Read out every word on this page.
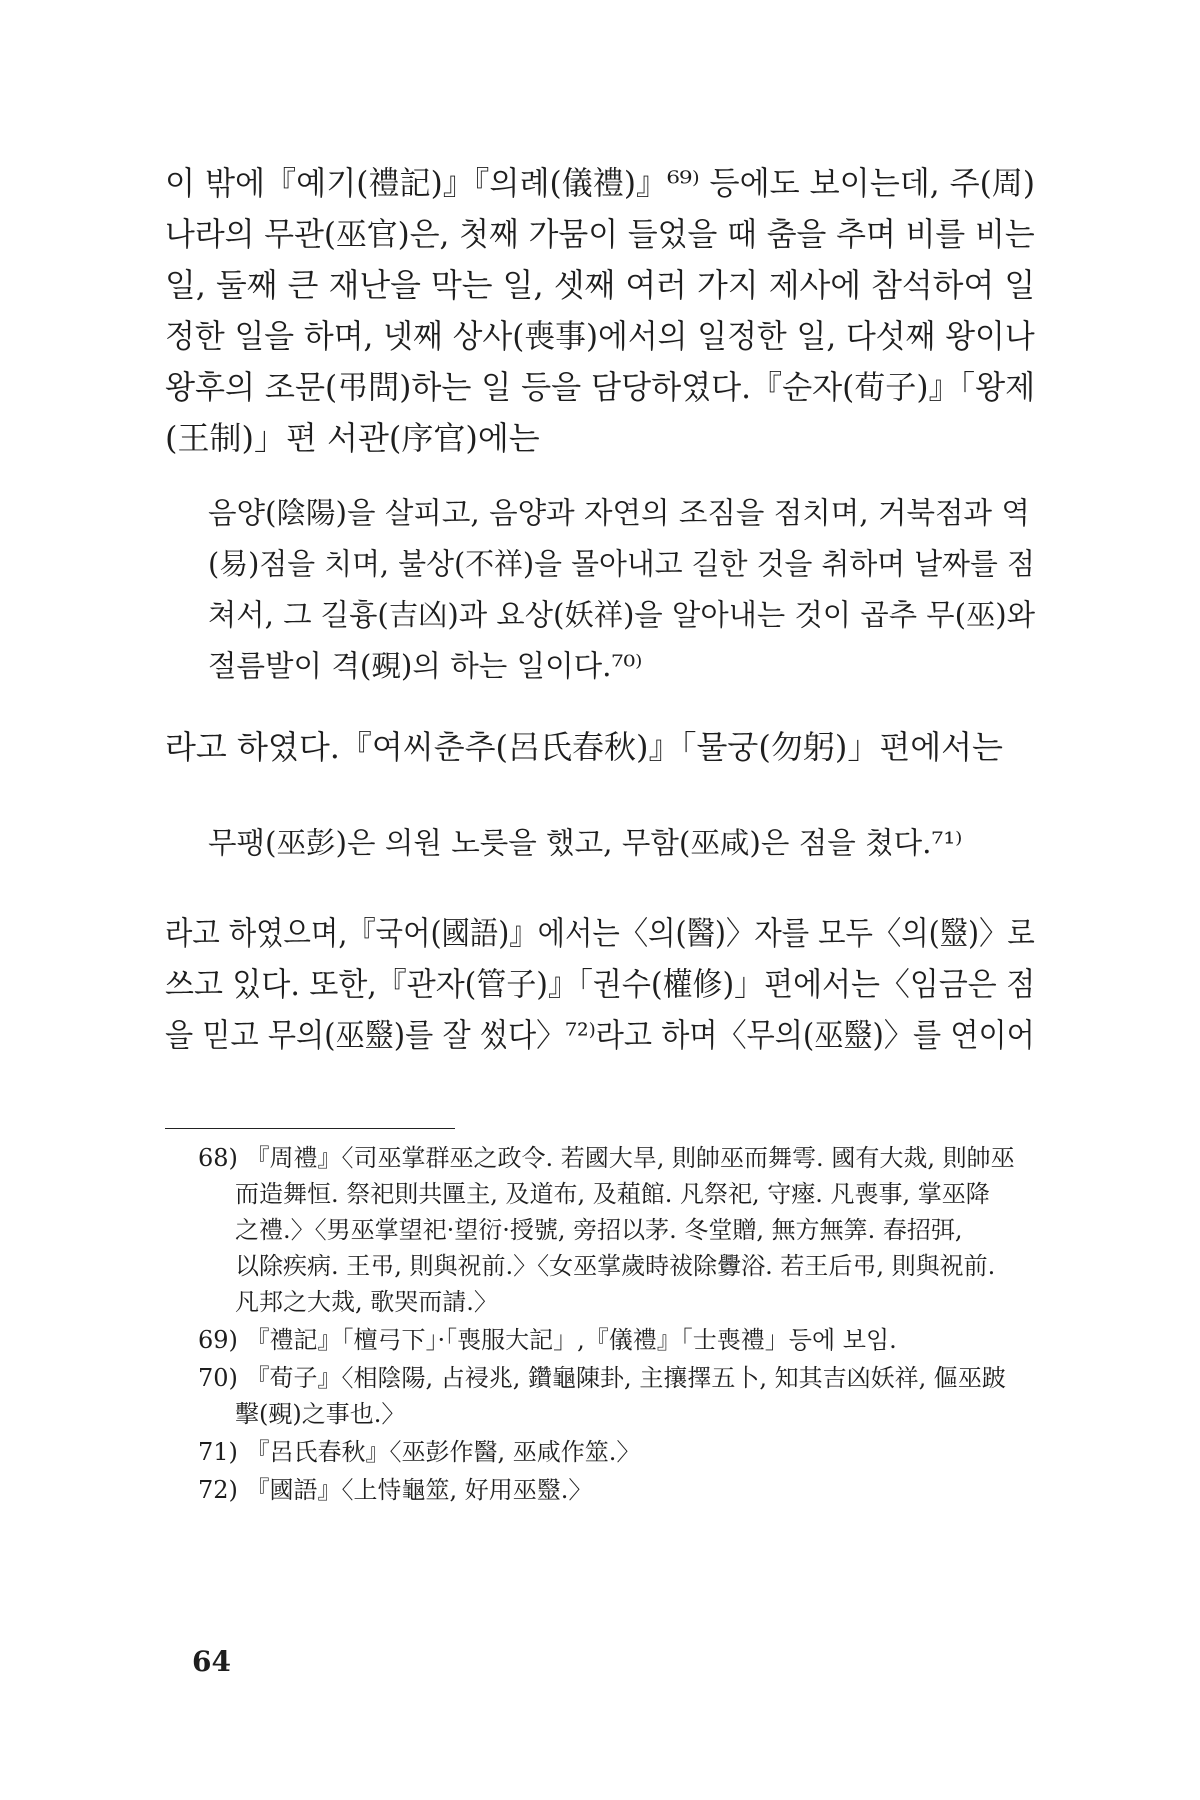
이 밖에『예기(禮記)』『의례(儀禮)』⁶⁹⁾ 등에도 보이는데, 주(周)
나라의 무관(巫官)은, 첫째 가뭄이 들었을 때 춤을 추며 비를 비는
일, 둘째 큰 재난을 막는 일, 셋째 여러 가지 제사에 참석하여 일
정한 일을 하며, 넷째 상사(喪事)에서의 일정한 일, 다섯째 왕이나
왕후의 조문(弔問)하는 일 등을 담당하였다.『순자(荀子)』「왕제
(王制)」편 서관(序官)에는
음양(陰陽)을 살피고, 음양과 자연의 조짐을 점치며, 거북점과 역
(易)점을 치며, 불상(不祥)을 몰아내고 길한 것을 취하며 날짜를 점
쳐서, 그 길흉(吉凶)과 요상(妖祥)을 알아내는 것이 곱추 무(巫)와
절름발이 격(覡)의 하는 일이다.⁷⁰⁾
라고 하였다.『여씨춘추(呂氏春秋)』「물궁(勿躬)」편에서는
무팽(巫彭)은 의원 노릇을 했고, 무함(巫咸)은 점을 쳤다.⁷¹⁾
라고 하였으며,『국어(國語)』에서는〈의(醫)〉자를 모두〈의(毉)〉로
쓰고 있다. 또한,『관자(管子)』「권수(權修)」편에서는〈임금은 점
을 믿고 무의(巫毉)를 잘 썼다〉⁷²⁾라고 하며〈무의(巫毉)〉를 연이어
68) 『周禮』〈司巫掌群巫之政令. 若國大旱, 則帥巫而舞雩. 國有大烖, 則帥巫
而造舞恒. 祭祀則共匰主, 及道布, 及蒩館. 凡祭祀, 守瘞. 凡喪事, 掌巫降
之禮.〉〈男巫掌望祀·望衍·授號, 旁招以茅. 冬堂贈, 無方無筭. 春招弭,
以除疾病. 王弔, 則與祝前.〉〈女巫掌歲時祓除釁浴. 若王后弔, 則與祝前.
凡邦之大烖, 歌哭而請.〉
69) 『禮記』「檀弓下」·「喪服大記」,『儀禮』「士喪禮」등에 보임.
70) 『荀子』〈相陰陽, 占祲兆, 鑽龜陳卦, 主攘擇五卜, 知其吉凶妖祥, 傴巫跛
擊(覡)之事也.〉
71) 『呂氏春秋』〈巫彭作醫, 巫咸作筮.〉
72) 『國語』〈上恃龜筮, 好用巫毉.〉
64
